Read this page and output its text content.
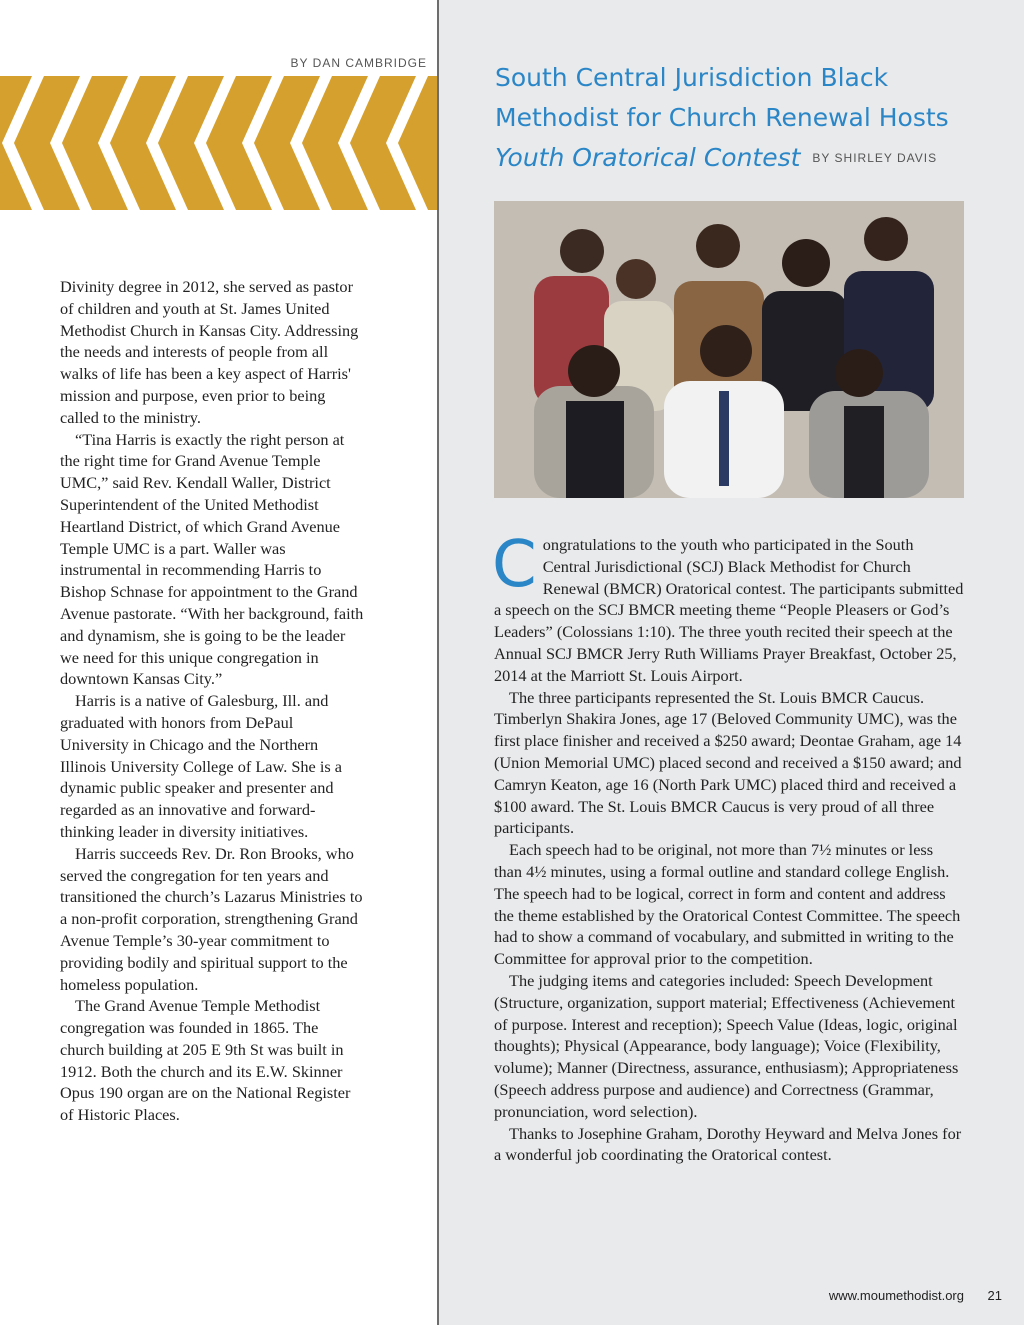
BY DAN CAMBRIDGE

Divinity degree in 2012, she served as pastor of children and youth at St. James United Methodist Church in Kansas City. Addressing the needs and interests of people from all walks of life has been a key aspect of Harris' mission and purpose, even prior to being called to the ministry.

“Tina Harris is exactly the right person at the right time for Grand Avenue Temple UMC,” said Rev. Kendall Waller, District Superintendent of the United Methodist Heartland District, of which Grand Avenue Temple UMC is a part. Waller was instrumental in recommending Harris to Bishop Schnase for appointment to the Grand Avenue pastorate. “With her background, faith and dynamism, she is going to be the leader we need for this unique congregation in downtown Kansas City.”

Harris is a native of Galesburg, Ill. and graduated with honors from DePaul University in Chicago and the Northern Illinois University College of Law. She is a dynamic public speaker and presenter and regarded as an innovative and forward-thinking leader in diversity initiatives.

Harris succeeds Rev. Dr. Ron Brooks, who served the congregation for ten years and transitioned the church’s Lazarus Ministries to a non-profit corporation, strengthening Grand Avenue Temple’s 30-year commitment to providing bodily and spiritual support to the homeless population.

The Grand Avenue Temple Methodist congregation was founded in 1865. The church building at 205 E 9th St was built in 1912. Both the church and its E.W. Skinner Opus 190 organ are on the National Register of Historic Places.

South Central Jurisdiction Black
Methodist for Church Renewal Hosts
Youth Oratorical Contest BY SHIRLEY DAVIS

Congratulations to the youth who participated in the South Central Jurisdictional (SCJ) Black Methodist for Church Renewal (BMCR) Oratorical contest. The participants submitted a speech on the SCJ BMCR meeting theme “People Pleasers or God’s Leaders” (Colossians 1:10). The three youth recited their speech at the Annual SCJ BMCR Jerry Ruth Williams Prayer Breakfast, October 25, 2014 at the Marriott St. Louis Airport.

The three participants represented the St. Louis BMCR Caucus. Timberlyn Shakira Jones, age 17 (Beloved Community UMC), was the first place finisher and received a $250 award; Deontae Graham, age 14 (Union Memorial UMC) placed second and received a $150 award; and Camryn Keaton, age 16 (North Park UMC) placed third and received a $100 award. The St. Louis BMCR Caucus is very proud of all three participants.

Each speech had to be original, not more than 7½ minutes or less than 4½ minutes, using a formal outline and standard college English. The speech had to be logical, correct in form and content and address the theme established by the Oratorical Contest Committee. The speech had to show a command of vocabulary, and submitted in writing to the Committee for approval prior to the competition.

The judging items and categories included: Speech Development (Structure, organization, support material; Effectiveness (Achievement of purpose. Interest and reception); Speech Value (Ideas, logic, original thoughts); Physical (Appearance, body language); Voice (Flexibility, volume); Manner (Directness, assurance, enthusiasm); Appropriateness (Speech address purpose and audience) and Correctness (Grammar, pronunciation, word selection).

Thanks to Josephine Graham, Dorothy Heyward and Melva Jones for a wonderful job coordinating the Oratorical contest.

www.moumethodist.org 21
